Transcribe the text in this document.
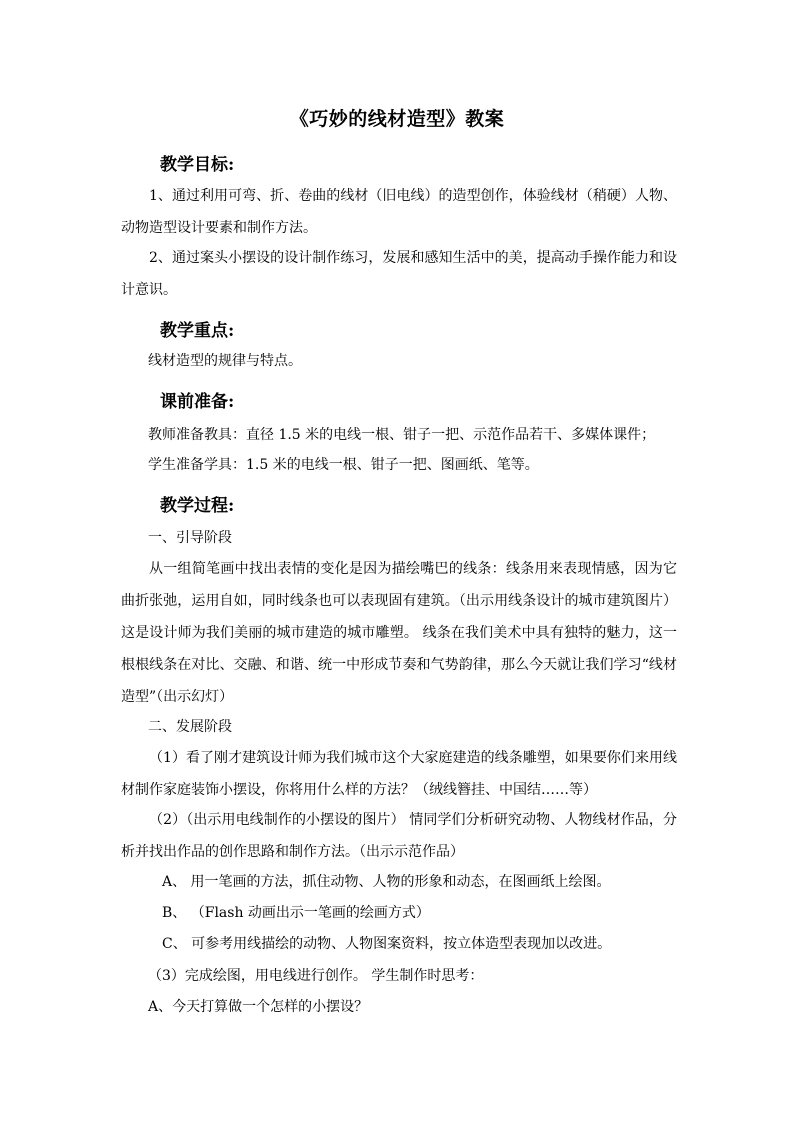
《巧妙的线材造型》教案
教学目标:
1、通过利用可弯、折、卷曲的线材（旧电线）的造型创作，体验线材（稍硬）人物、动物造型设计要素和制作方法。
2、通过案头小摆设的设计制作练习，发展和感知生活中的美，提高动手操作能力和设计意识。
教学重点:
线材造型的规律与特点。
课前准备:
教师准备教具：直径 1.5 米的电线一根、钳子一把、示范作品若干、多媒体课件；
学生准备学具：1.5 米的电线一根、钳子一把、图画纸、笔等。
教学过程:
一、引导阶段
从一组简笔画中找出表情的变化是因为描绘嘴巴的线条：线条用来表现情感，因为它曲折张弛，运用自如，同时线条也可以表现固有建筑。（出示用线条设计的城市建筑图片）这是设计师为我们美丽的城市建造的城市雕塑。 线条在我们美术中具有独特的魅力，这一根根线条在对比、交融、和谐、统一中形成节奏和气势韵律，那么今天就让我们学习“线材造型”（出示幻灯）
二、发展阶段
（1）看了刚才建筑设计师为我们城市这个大家庭建造的线条雕塑，如果要你们来用线材制作家庭装饰小摆设，你将用什么样的方法？（绒线簪挂、中国结……等）
（2）（出示用电线制作的小摆设的图片） 情同学们分析研究动物、人物线材作品，分析并找出作品的创作思路和制作方法。（出示示范作品）
A、 用一笔画的方法，抓住动物、人物的形象和动态，在图画纸上绘图。
B、 （Flash 动画出示一笔画的绘画方式）
C、 可参考用线描绘的动物、人物图案资料，按立体造型表现加以改进。
（3）完成绘图，用电线进行创作。 学生制作时思考：
A、今天打算做一个怎样的小摆设？
